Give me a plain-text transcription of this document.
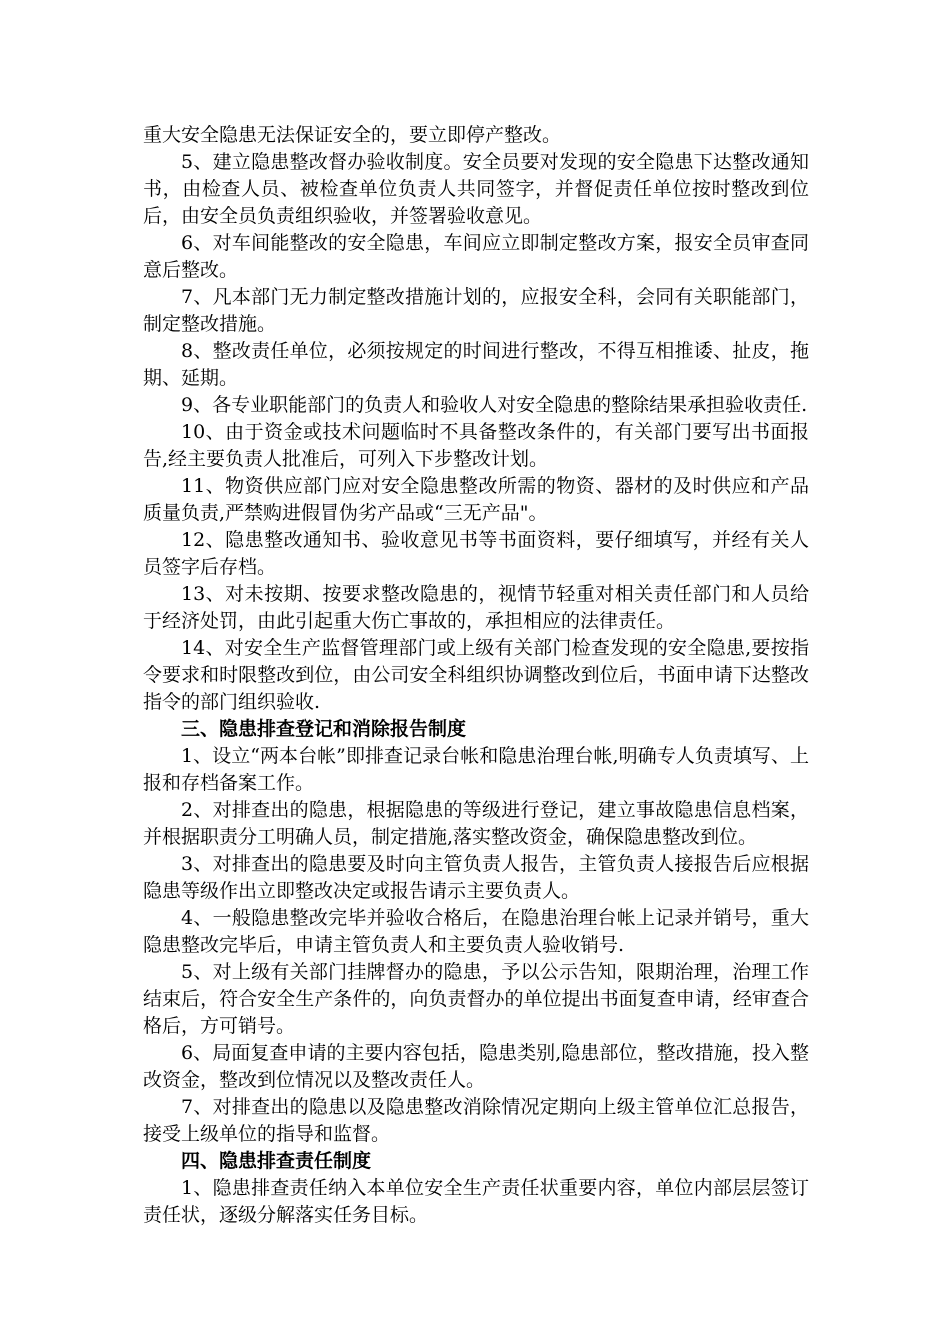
重大安全隐患无法保证安全的，要立即停产整改。

5、建立隐患整改督办验收制度。安全员要对发现的安全隐患下达整改通知书，由检查人员、被检查单位负责人共同签字，并督促责任单位按时整改到位后，由安全员负责组织验收，并签署验收意见。

6、对车间能整改的安全隐患，车间应立即制定整改方案，报安全员审查同意后整改。

7、凡本部门无力制定整改措施计划的，应报安全科，会同有关职能部门，制定整改措施。

8、整改责任单位，必须按规定的时间进行整改，不得互相推诿、扯皮，拖期、延期。

9、各专业职能部门的负责人和验收人对安全隐患的整除结果承担验收责任.

10、由于资金或技术问题临时不具备整改条件的，有关部门要写出书面报告,经主要负责人批准后，可列入下步整改计划。

11、物资供应部门应对安全隐患整改所需的物资、器材的及时供应和产品质量负责,严禁购进假冒伪劣产品或“三无产品"。

12、隐患整改通知书、验收意见书等书面资料，要仔细填写，并经有关人员签字后存档。

13、对未按期、按要求整改隐患的，视情节轻重对相关责任部门和人员给于经济处罚，由此引起重大伤亡事故的，承担相应的法律责任。

14、对安全生产监督管理部门或上级有关部门检查发现的安全隐患,要按指令要求和时限整改到位，由公司安全科组织协调整改到位后，书面申请下达整改指令的部门组织验收.

三、隐患排查登记和消除报告制度

1、设立“两本台帐”即排查记录台帐和隐患治理台帐,明确专人负责填写、上报和存档备案工作。

2、对排查出的隐患，根据隐患的等级进行登记，建立事故隐患信息档案，并根据职责分工明确人员，制定措施,落实整改资金，确保隐患整改到位。

3、对排查出的隐患要及时向主管负责人报告，主管负责人接报告后应根据隐患等级作出立即整改决定或报告请示主要负责人。

4、一般隐患整改完毕并验收合格后，在隐患治理台帐上记录并销号，重大隐患整改完毕后，申请主管负责人和主要负责人验收销号.

5、对上级有关部门挂牌督办的隐患，予以公示告知，限期治理，治理工作结束后，符合安全生产条件的，向负责督办的单位提出书面复查申请，经审查合格后，方可销号。

6、局面复查申请的主要内容包括，隐患类别,隐患部位，整改措施，投入整改资金，整改到位情况以及整改责任人。

7、对排查出的隐患以及隐患整改消除情况定期向上级主管单位汇总报告，接受上级单位的指导和监督。

四、隐患排查责任制度

1、隐患排查责任纳入本单位安全生产责任状重要内容，单位内部层层签订责任状，逐级分解落实任务目标。
